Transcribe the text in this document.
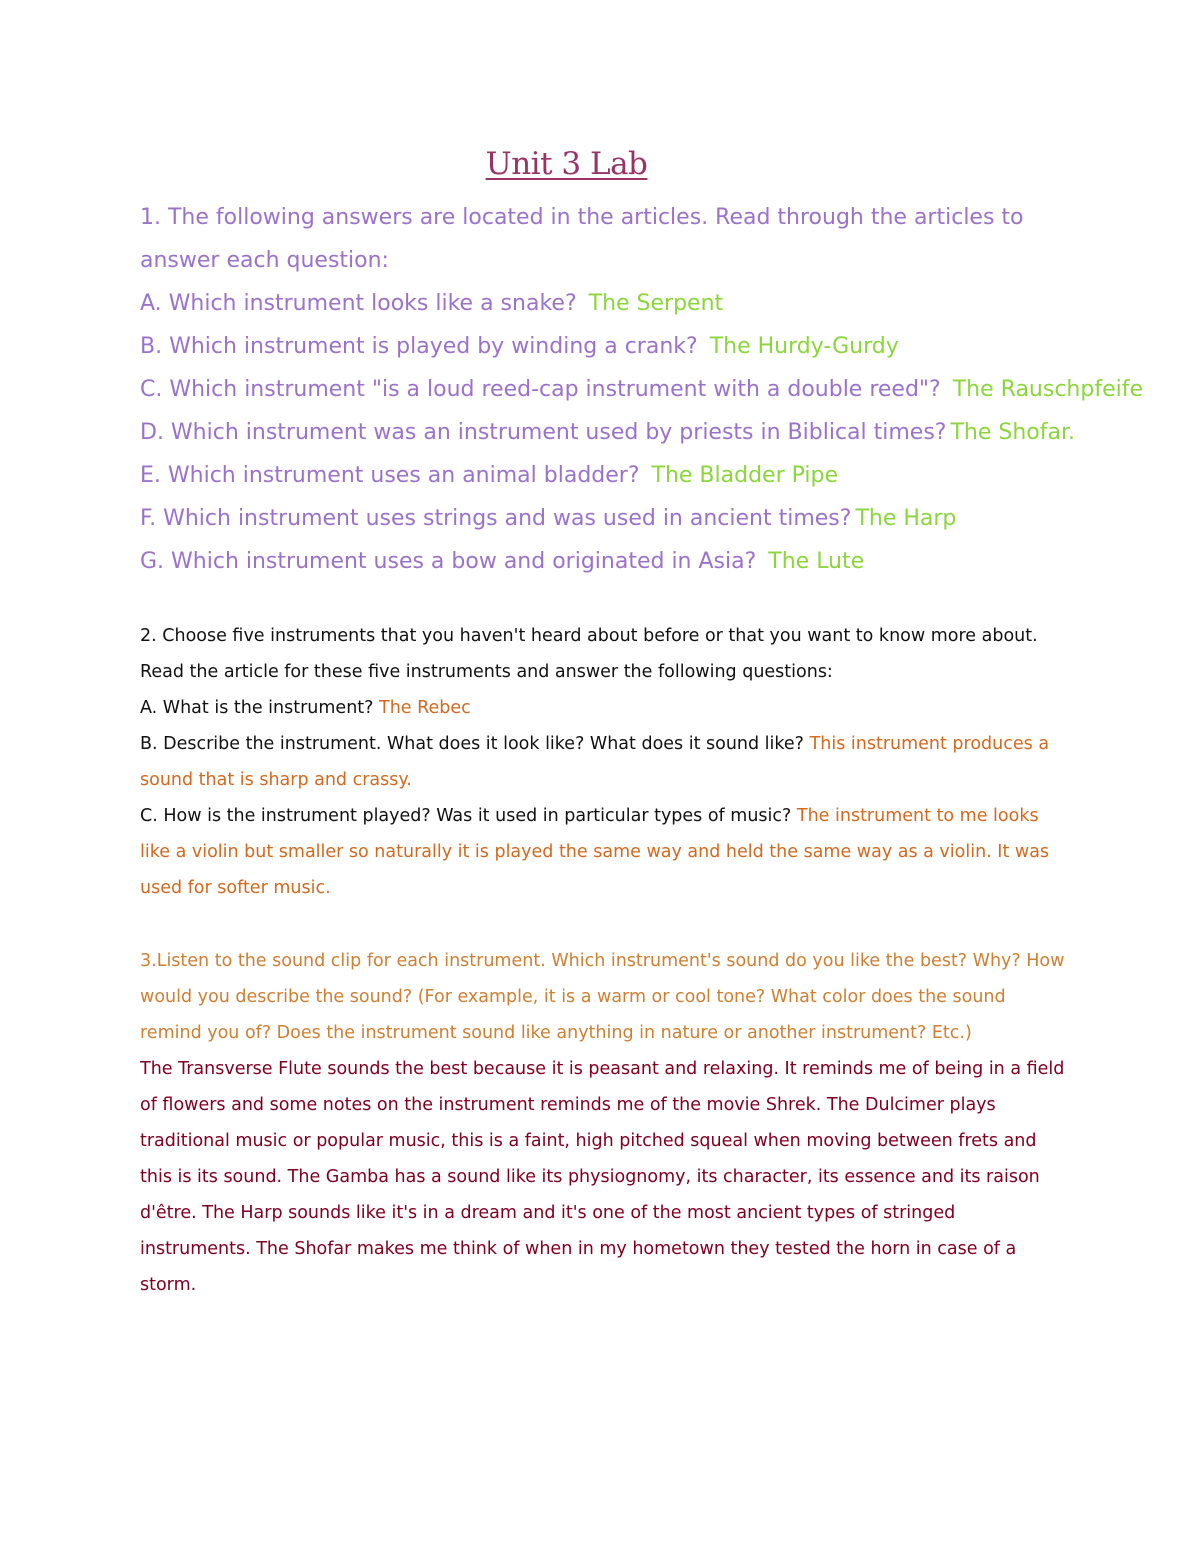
Unit 3 Lab

1. The following answers are located in the articles. Read through the articles to answer each question:

A. Which instrument looks like a snake? The Serpent

B. Which instrument is played by winding a crank? The Hurdy-Gurdy

C. Which instrument "is a loud reed-cap instrument with a double reed"? The Rauschpfeife

D. Which instrument was an instrument used by priests in Biblical times? The Shofar.

E. Which instrument uses an animal bladder? The Bladder Pipe

F. Which instrument uses strings and was used in ancient times? The Harp

G. Which instrument uses a bow and originated in Asia? The Lute

2. Choose five instruments that you haven't heard about before or that you want to know more about. Read the article for these five instruments and answer the following questions:

A. What is the instrument? The Rebec

B. Describe the instrument. What does it look like? What does it sound like? This instrument produces a sound that is sharp and crassy.

C. How is the instrument played? Was it used in particular types of music? The instrument to me looks like a violin but smaller so naturally it is played the same way and held the same way as a violin. It was used for softer music.

3.Listen to the sound clip for each instrument. Which instrument's sound do you like the best? Why? How would you describe the sound? (For example, it is a warm or cool tone? What color does the sound remind you of? Does the instrument sound like anything in nature or another instrument? Etc.)

The Transverse Flute sounds the best because it is peasant and relaxing. It reminds me of being in a field of flowers and some notes on the instrument reminds me of the movie Shrek. The Dulcimer plays traditional music or popular music, this is a faint, high pitched squeal when moving between frets and this is its sound. The Gamba has a sound like its physiognomy, its character, its essence and its raison d'être. The Harp sounds like it's in a dream and it's one of the most ancient types of stringed instruments. The Shofar makes me think of when in my hometown they tested the horn in case of a storm.
